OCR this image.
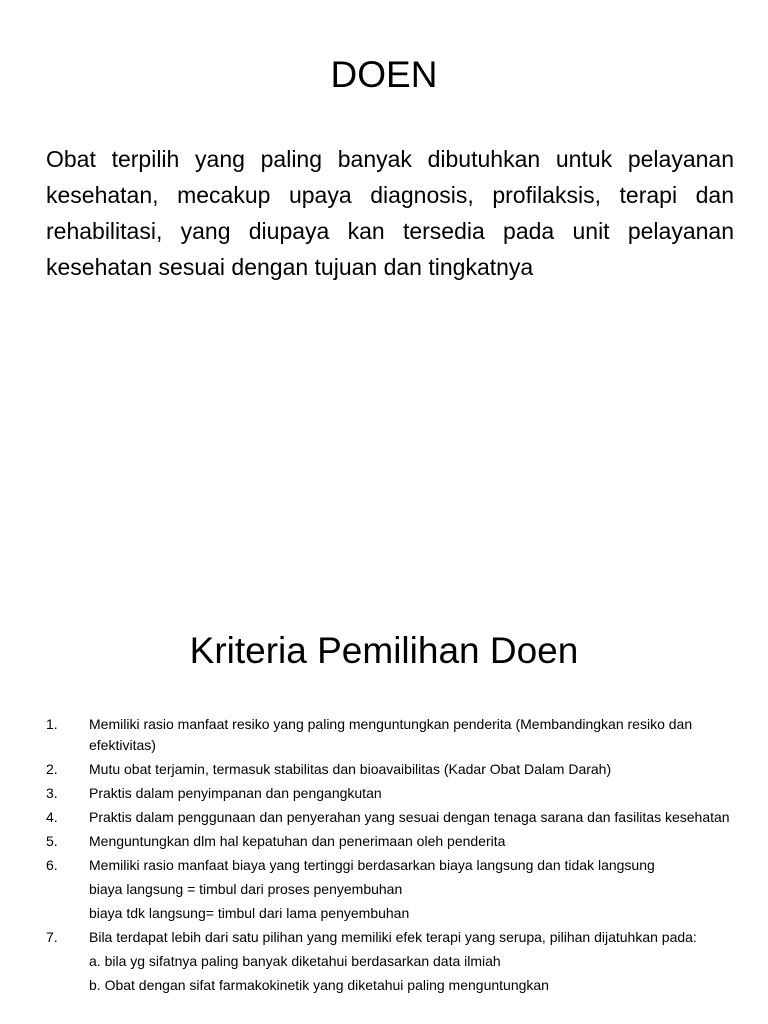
DOEN

Obat terpilih yang paling banyak dibutuhkan untuk pelayanan kesehatan, mecakup upaya diagnosis, profilaksis, terapi dan rehabilitasi, yang diupaya kan tersedia pada unit pelayanan kesehatan sesuai dengan tujuan dan tingkatnya

Kriteria Pemilihan Doen
1. Memiliki rasio manfaat resiko yang paling menguntungkan penderita (Membandingkan resiko dan efektivitas)
2. Mutu obat terjamin, termasuk stabilitas dan bioavaibilitas (Kadar Obat Dalam Darah)
3. Praktis dalam penyimpanan dan pengangkutan
4. Praktis dalam penggunaan dan penyerahan yang sesuai dengan tenaga sarana dan fasilitas kesehatan
5. Menguntungkan dlm hal kepatuhan dan penerimaan oleh penderita
6. Memiliki rasio manfaat biaya yang tertinggi berdasarkan biaya langsung dan tidak langsung
biaya langsung = timbul dari proses penyembuhan
biaya tdk langsung= timbul dari lama penyembuhan
7. Bila terdapat lebih dari satu pilihan yang memiliki efek terapi yang serupa, pilihan dijatuhkan pada:
a. bila yg sifatnya paling banyak diketahui berdasarkan data ilmiah
b. Obat dengan sifat farmakokinetik yang diketahui paling menguntungkan
